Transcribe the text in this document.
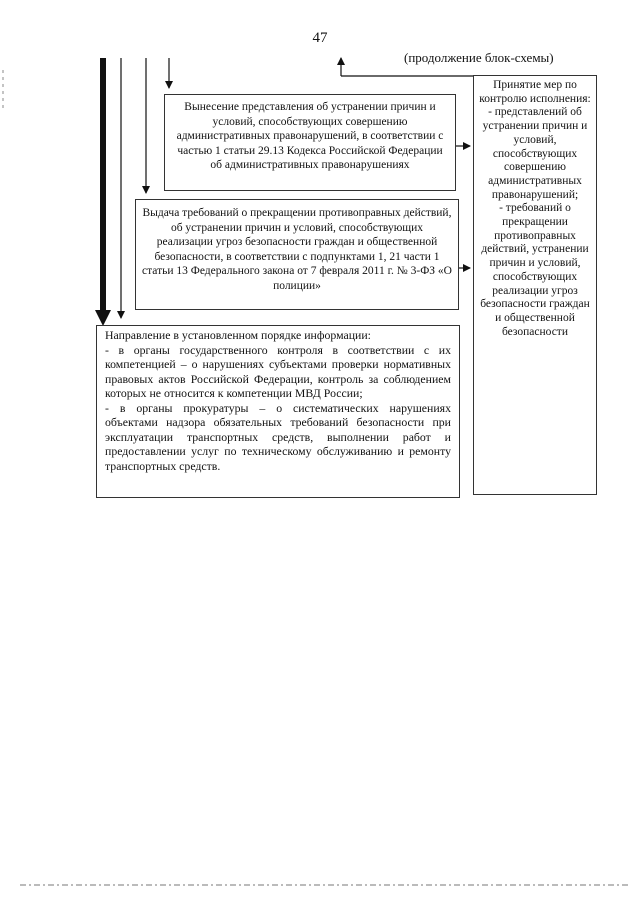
47
(продолжение блок-схемы)
Вынесение представления об устранении причин и условий, способствующих совершению административных правонарушений, в соответствии с частью 1 статьи 29.13 Кодекса Российской Федерации об административных правонарушениях
Выдача требований о прекращении противоправных действий, об устранении причин и условий, способствующих реализации угроз безопасности граждан и общественной безопасности, в соответствии с подпунктами 1, 21 части 1 статьи 13 Федерального закона от 7 февраля 2011 г. № 3-ФЗ «О полиции»

Направление в установленном порядке информации:

- в органы государственного контроля в соответствии с их компетенцией – о нарушениях субъектами проверки нормативных правовых актов Российской Федерации, контроль за соблюдением которых не относится к компетенции МВД России;

- в органы прокуратуры – о систематических нарушениях объектами надзора обязательных требований безопасности при эксплуатации транспортных средств, выполнении работ и предоставлении услуг по техническому обслуживанию и ремонту транспортных средств.

Принятие мер по контролю исполнения:

- представлений об устранении причин и условий, способствующих совершению административных правонарушений;

- требований о прекращении противоправных действий, устранении причин и условий, способствующих реализации угроз безопасности граждан и общественной безопасности
